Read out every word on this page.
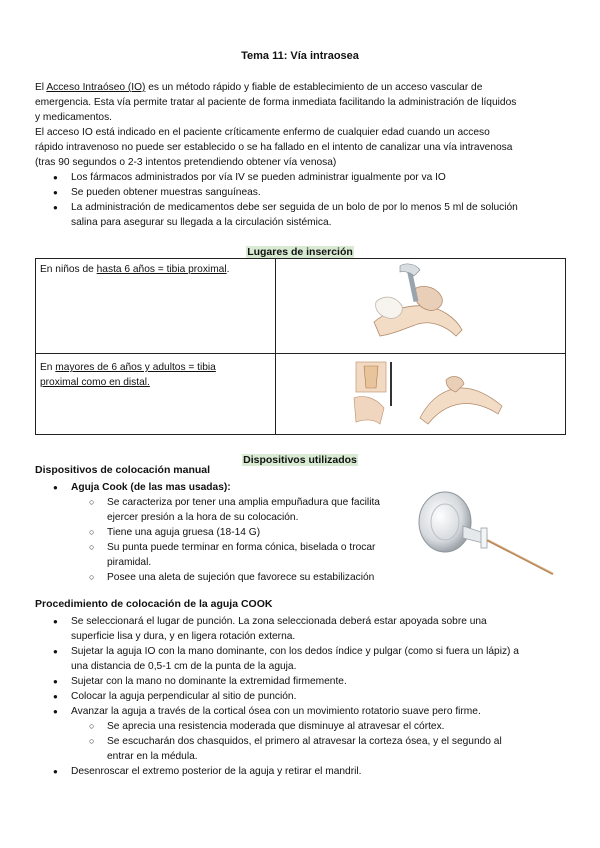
Tema 11: Vía intraosea
El Acceso Intraóseo (IO) es un método rápido y fiable de establecimiento de un acceso vascular de
emergencia. Esta vía permite tratar al paciente de forma inmediata facilitando la administración de líquidos
y medicamentos.
El acceso IO está indicado en el paciente críticamente enfermo de cualquier edad cuando un acceso
rápido intravenoso no puede ser establecido o se ha fallado en el intento de canalizar una vía intravenosa
(tras 90 segundos o 2-3 intentos pretendiendo obtener vía venosa)
● Los fármacos administrados por vía IV se pueden administrar igualmente por va IO
● Se pueden obtener muestras sanguíneas.
● La administración de medicamentos debe ser seguida de un bolo de por lo menos 5 ml de solución
salina para asegurar su llegada a la circulación sistémica.
Lugares de inserción
En niños de hasta 6 años = tibia proximal.
En mayores de 6 años y adultos = tibia
proximal como en distal.
Dispositivos utilizados
Dispositivos de colocación manual
● Aguja Cook (de las mas usadas):
○ Se caracteriza por tener una amplia empuñadura que facilita
ejercer presión a la hora de su colocación.
○ Tiene una aguja gruesa (18-14 G)
○ Su punta puede terminar en forma cónica, biselada o trocar
piramidal.
○ Posee una aleta de sujeción que favorece su estabilización
Procedimiento de colocación de la aguja COOK
● Se seleccionará el lugar de punción. La zona seleccionada deberá estar apoyada sobre una
superficie lisa y dura, y en ligera rotación externa.
● Sujetar la aguja IO con la mano dominante, con los dedos índice y pulgar (como si fuera un lápiz) a
una distancia de 0,5-1 cm de la punta de la aguja.
● Sujetar con la mano no dominante la extremidad firmemente.
● Colocar la aguja perpendicular al sitio de punción.
● Avanzar la aguja a través de la cortical ósea con un movimiento rotatorio suave pero firme.
○ Se aprecia una resistencia moderada que disminuye al atravesar el córtex.
○ Se escucharán dos chasquidos, el primero al atravesar la corteza ósea, y el segundo al
entrar en la médula.
● Desenroscar el extremo posterior de la aguja y retirar el mandril.
